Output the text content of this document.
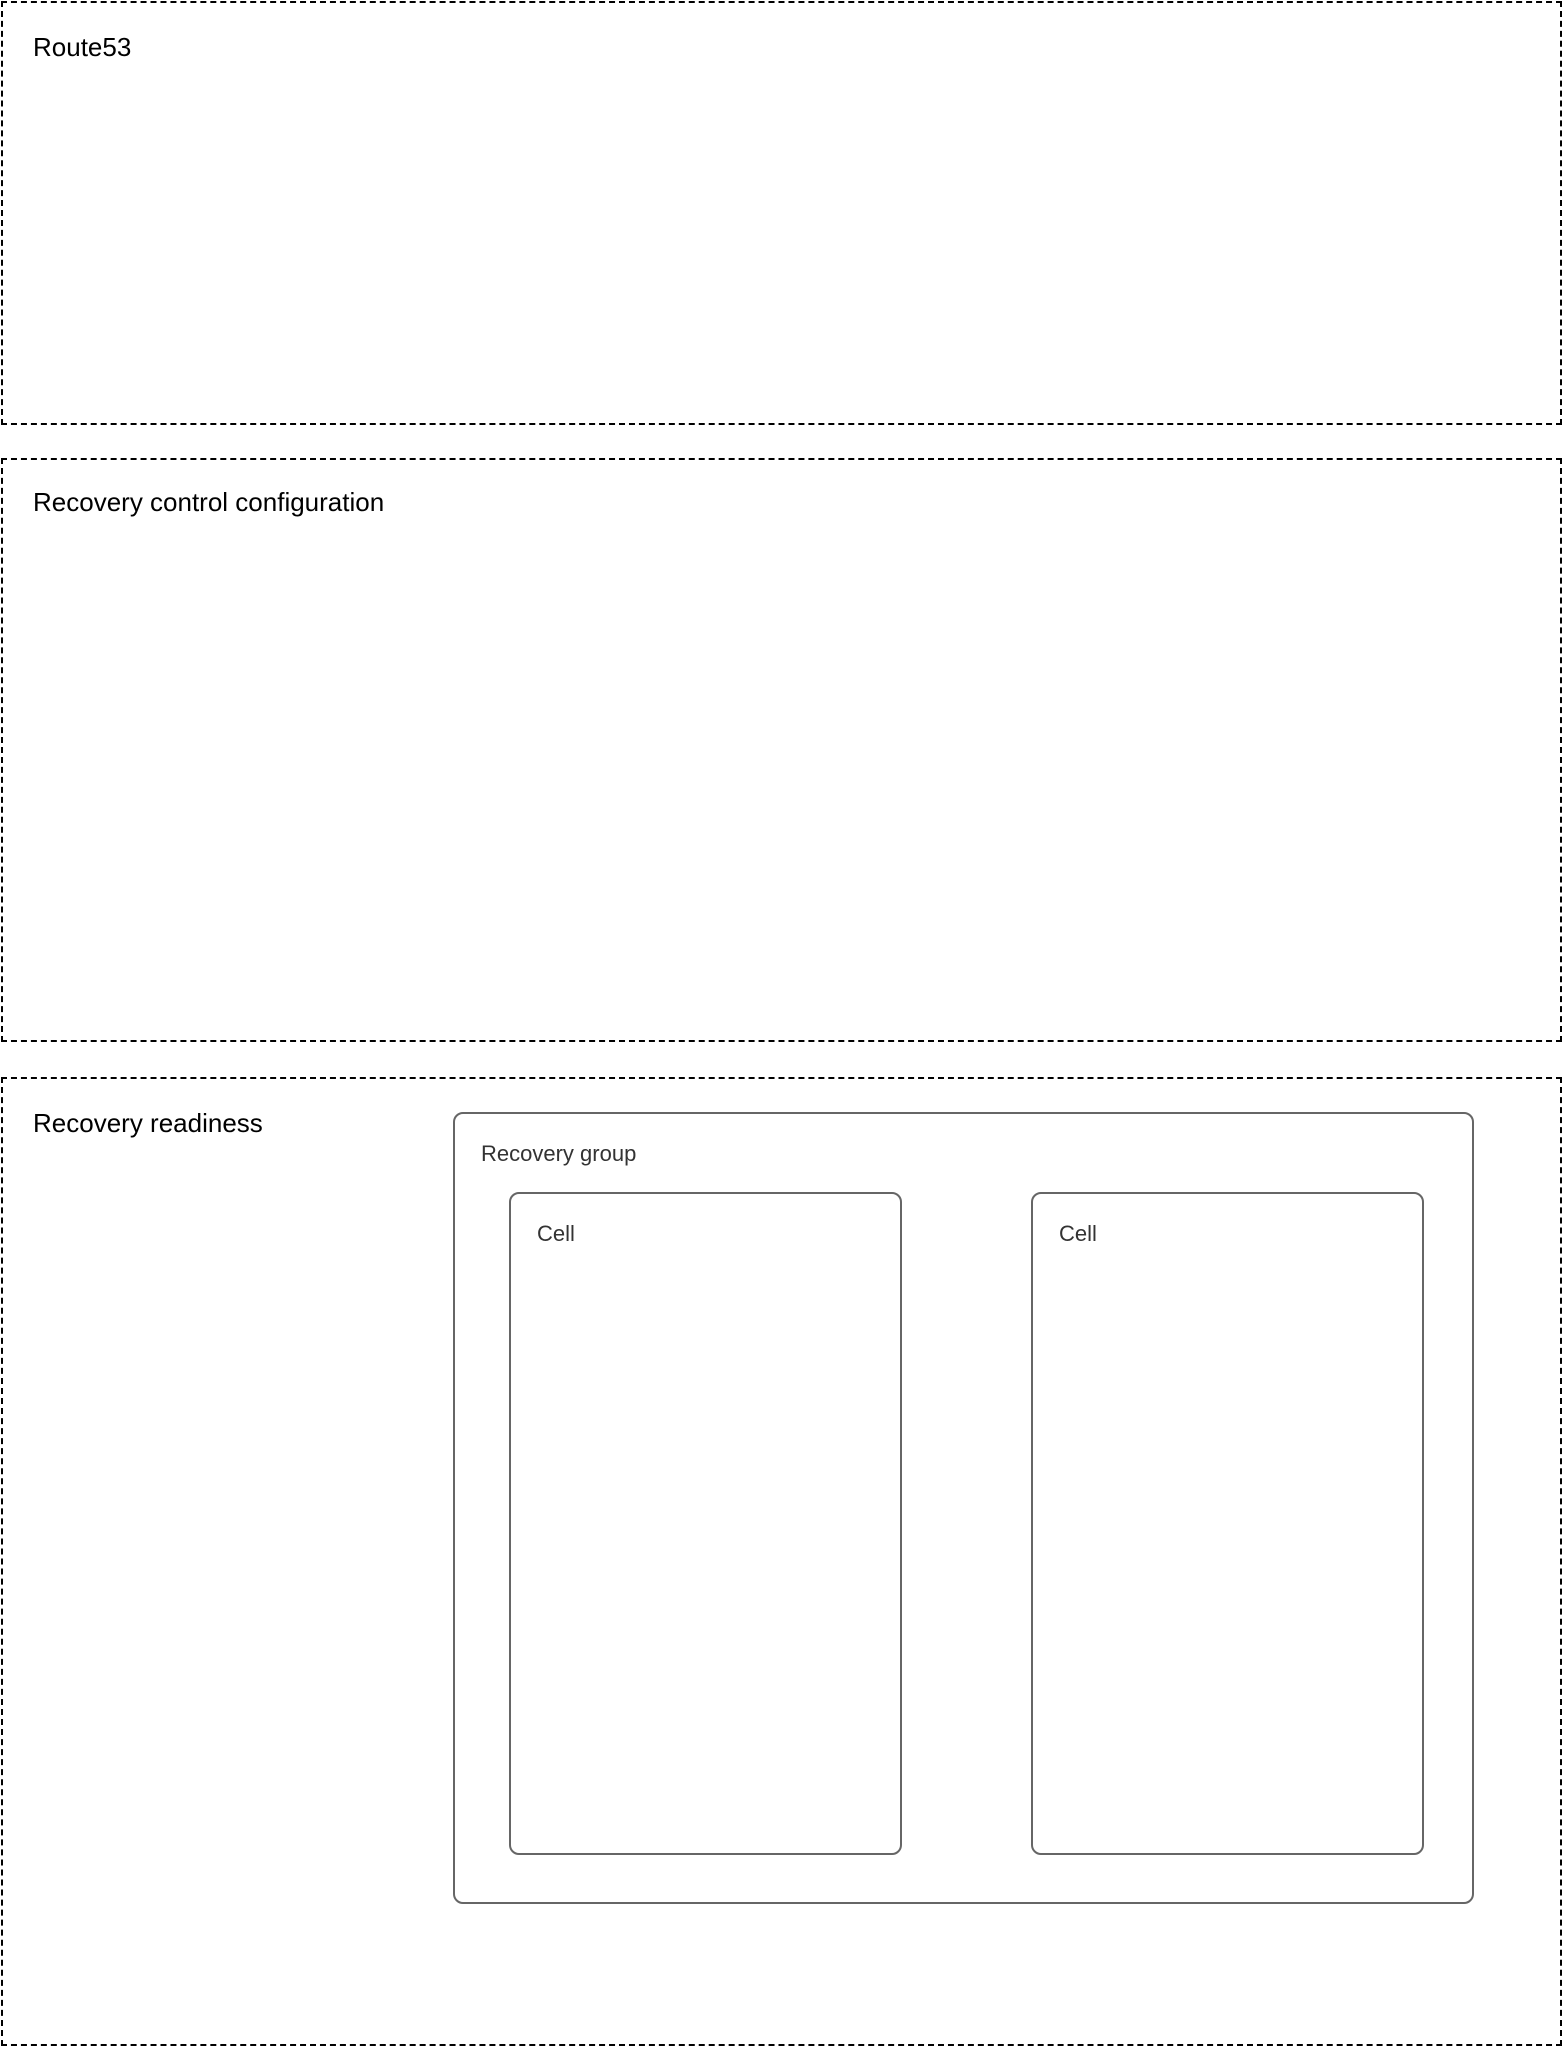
Route53
Recovery control configuration
Recovery readiness
Recovery group
Cell	Cell
